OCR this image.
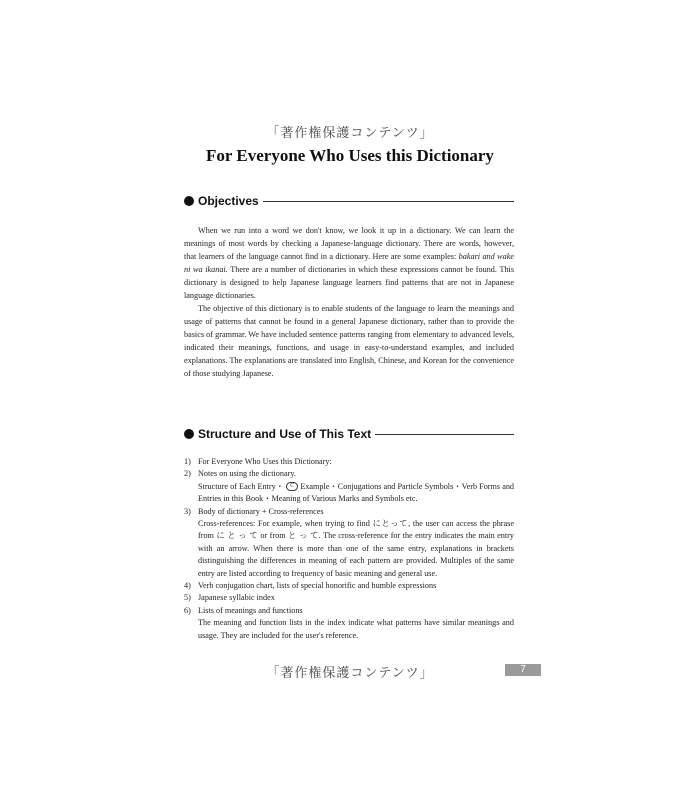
「著作権保護コンテンツ」
For Everyone Who Uses this Dictionary
Objectives

When we run into a word we don't know, we look it up in a dictionary. We can learn the meanings of most words by checking a Japanese-language dictionary. There are words, however, that learners of the language cannot find in a dictionary. Here are some examples: bakari and wake ni wa ikanai. There are a number of dictionaries in which these expressions cannot be found. This dictionary is designed to help Japanese language learners find patterns that are not in Japanese language dictionaries.

The objective of this dictionary is to enable students of the language to learn the meanings and usage of patterns that cannot be found in a general Japanese dictionary, rather than to provide the basics of grammar. We have included sentence patterns ranging from elementary to advanced levels, indicated their meanings, functions, and usage in easy-to-understand examples, and included explanations. The explanations are translated into English, Chinese, and Korean for the convenience of those studying Japanese.

Structure and Use of This Text
1) For Everyone Who Uses this Dictionary:
2) Notes on using the dictionary.
Structure of Each Entry・ C Example・Conjugations and Particle Symbols・Verb Forms and Entries in this Book・Meaning of Various Marks and Symbols etc.
3) Body of dictionary + Cross-references
Cross-references: For example, when trying to find にとって, the user can access the phrase from に と っ て or from と っ て. The cross-reference for the entry indicates the main entry with an arrow. When there is more than one of the same entry, explanations in brackets distinguishing the differences in meaning of each pattern are provided. Multiples of the same entry are listed according to frequency of basic meaning and general use.
4) Verb conjugation chart, lists of special honorific and humble expressions
5) Japanese syllabic index
6) Lists of meanings and functions
The meaning and function lists in the index indicate what patterns have similar meanings and usage. They are included for the user's reference.
「著作権保護コンテンツ」	7
